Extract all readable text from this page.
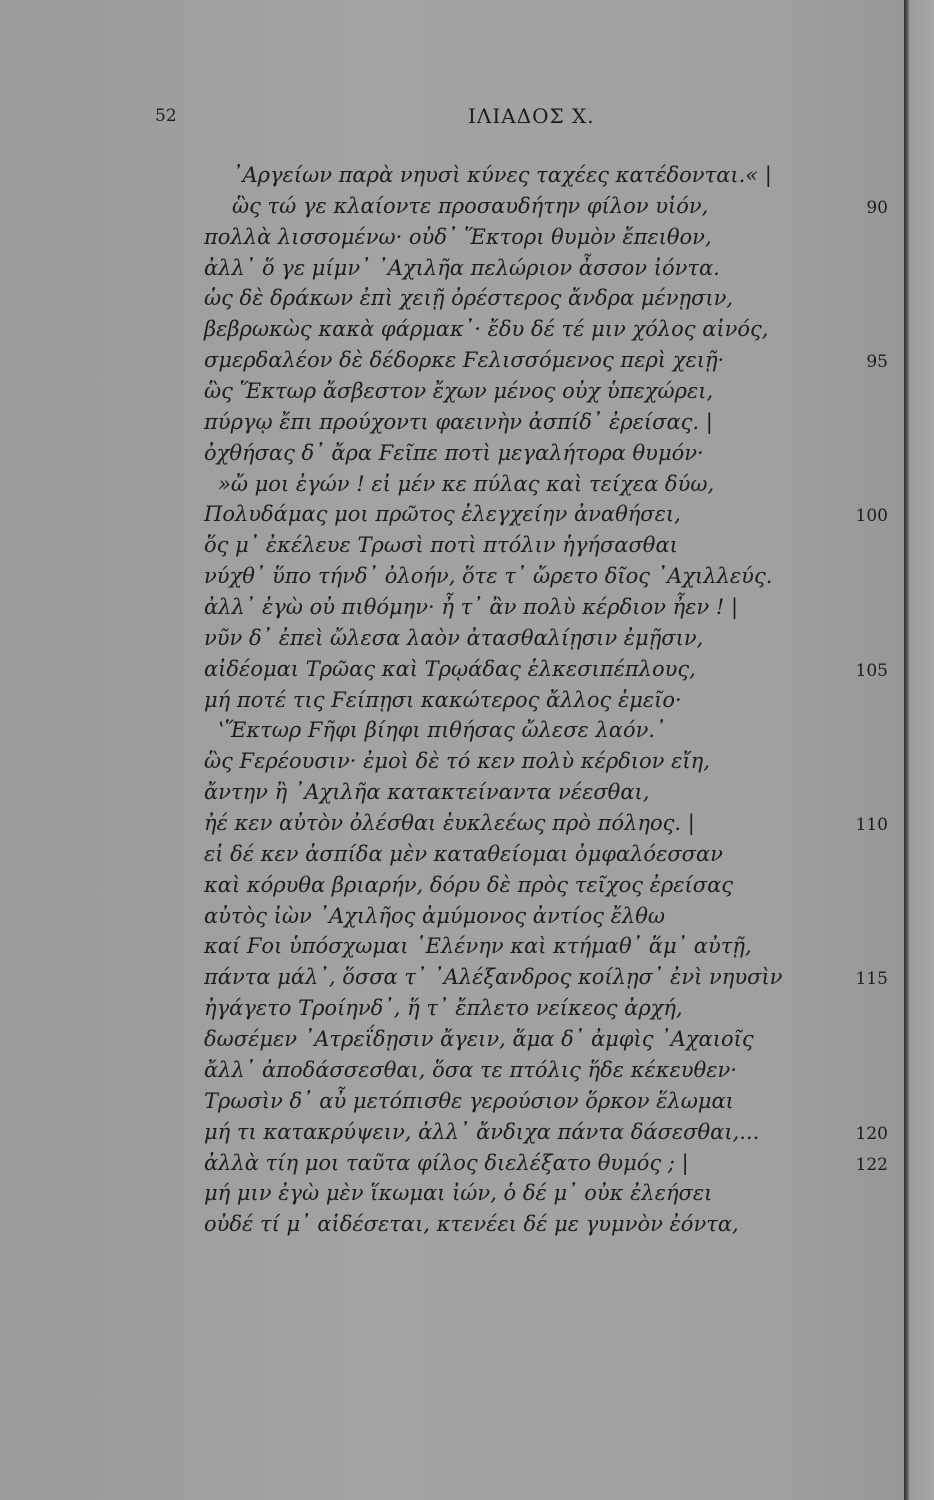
52	ΙΛΙΑΔΟΣ Χ.
᾿Αργείων παρὰ νηυσὶ κύνες ταχέες κατέδονται.« |
ὣς τώ γε κλαίοντε προσαυδήτην φίλον υἱόν,	90
πολλὰ λισσομένω· οὐδ᾿ Ἕκτορι θυμὸν ἔπειθον,
ἀλλ᾿ ὅ γε μίμν᾿ ᾿Αχιλῆα πελώριον ἆσσον ἰόντα.
ὡς δὲ δράκων ἐπὶ χειῇ ὀρέστερος ἄνδρα μένῃσιν,
βεβρωκὼς κακὰ φάρμακ᾿· ἔδυ δέ τέ μιν χόλος αἰνός,
σμερδαλέον δὲ δέδορκε Ϝελισσόμενος περὶ χειῇ·	95
ὣς Ἕκτωρ ἄσβεστον ἔχων μένος οὐχ ὑπεχώρει,
πύργῳ ἔπι προύχοντι φαεινὴν ἀσπίδ᾿ ἐρείσας. |
ὀχθήσας δ᾿ ἄρα Ϝεῖπε ποτὶ μεγαλήτορα θυμόν·
»ὤ μοι ἐγών ! εἰ μέν κε πύλας καὶ τείχεα δύω,
Πολυδάμας μοι πρῶτος ἐλεγχείην ἀναθήσει,	100
ὅς μ᾿ ἐκέλευε Τρωσὶ ποτὶ πτόλιν ἡγήσασθαι
νύχθ᾿ ὕπο τήνδ᾿ ὀλοήν, ὅτε τ᾿ ὤρετο δῖος ᾿Αχιλλεύς.
ἀλλ᾿ ἐγὼ οὐ πιθόμην· ἦ τ᾿ ἂν πολὺ κέρδιον ἦεν ! |
νῦν δ᾿ ἐπεὶ ὤλεσα λαὸν ἀτασθαλίῃσιν ἐμῇσιν,
αἰδέομαι Τρῶας καὶ Τρῳάδας ἑλκεσιπέπλους,	105
μή ποτέ τις Ϝείπῃσι κακώτερος ἄλλος ἐμεῖο·
‛Ἕκτωρ Ϝῆφι βίηφι πιθήσας ὤλεσε λαόν.᾿
ὣς Ϝερέουσιν· ἐμοὶ δὲ τό κεν πολὺ κέρδιον εἴη,
ἄντην ἢ ᾿Αχιλῆα κατακτείναντα νέεσθαι,
ἠέ κεν αὐτὸν ὀλέσθαι ἐυκλεέως πρὸ πόληος. |	110
εἰ δέ κεν ἀσπίδα μὲν καταθείομαι ὀμφαλόεσσαν
καὶ κόρυθα βριαρήν, δόρυ δὲ πρὸς τεῖχος ἐρείσας
αὐτὸς ἰὼν ᾿Αχιλῆος ἀμύμονος ἀντίος ἔλθω
καί Ϝοι ὑπόσχωμαι ῾Ελένην καὶ κτήμαθ᾿ ἅμ᾿ αὐτῇ,
πάντα μάλ᾿, ὅσσα τ᾿ ᾿Αλέξανδρος κοίλῃσ᾿ ἐνὶ νηυσὶν	115
ἠγάγετο Τροίηνδ᾿, ἥ τ᾿ ἔπλετο νείκεος ἀρχή,
δωσέμεν ᾿Ατρεΐδῃσιν ἄγειν, ἅμα δ᾿ ἀμφὶς ᾿Αχαιοῖς
ἄλλ᾿ ἀποδάσσεσθαι, ὅσα τε πτόλις ἥδε κέκευθεν·
Τρωσὶν δ᾿ αὖ μετόπισθε γερούσιον ὅρκον ἕλωμαι
μή τι κατακρύψειν, ἀλλ᾿ ἄνδιχα πάντα δάσεσθαι,...	120
ἀλλὰ τίη μοι ταῦτα φίλος διελέξατο θυμός ; |	122
μή μιν ἐγὼ μὲν ἵκωμαι ἰών, ὁ δέ μ᾿ οὐκ ἐλεήσει
οὐδέ τί μ᾿ αἰδέσεται, κτενέει δέ με γυμνὸν ἐόντα,
